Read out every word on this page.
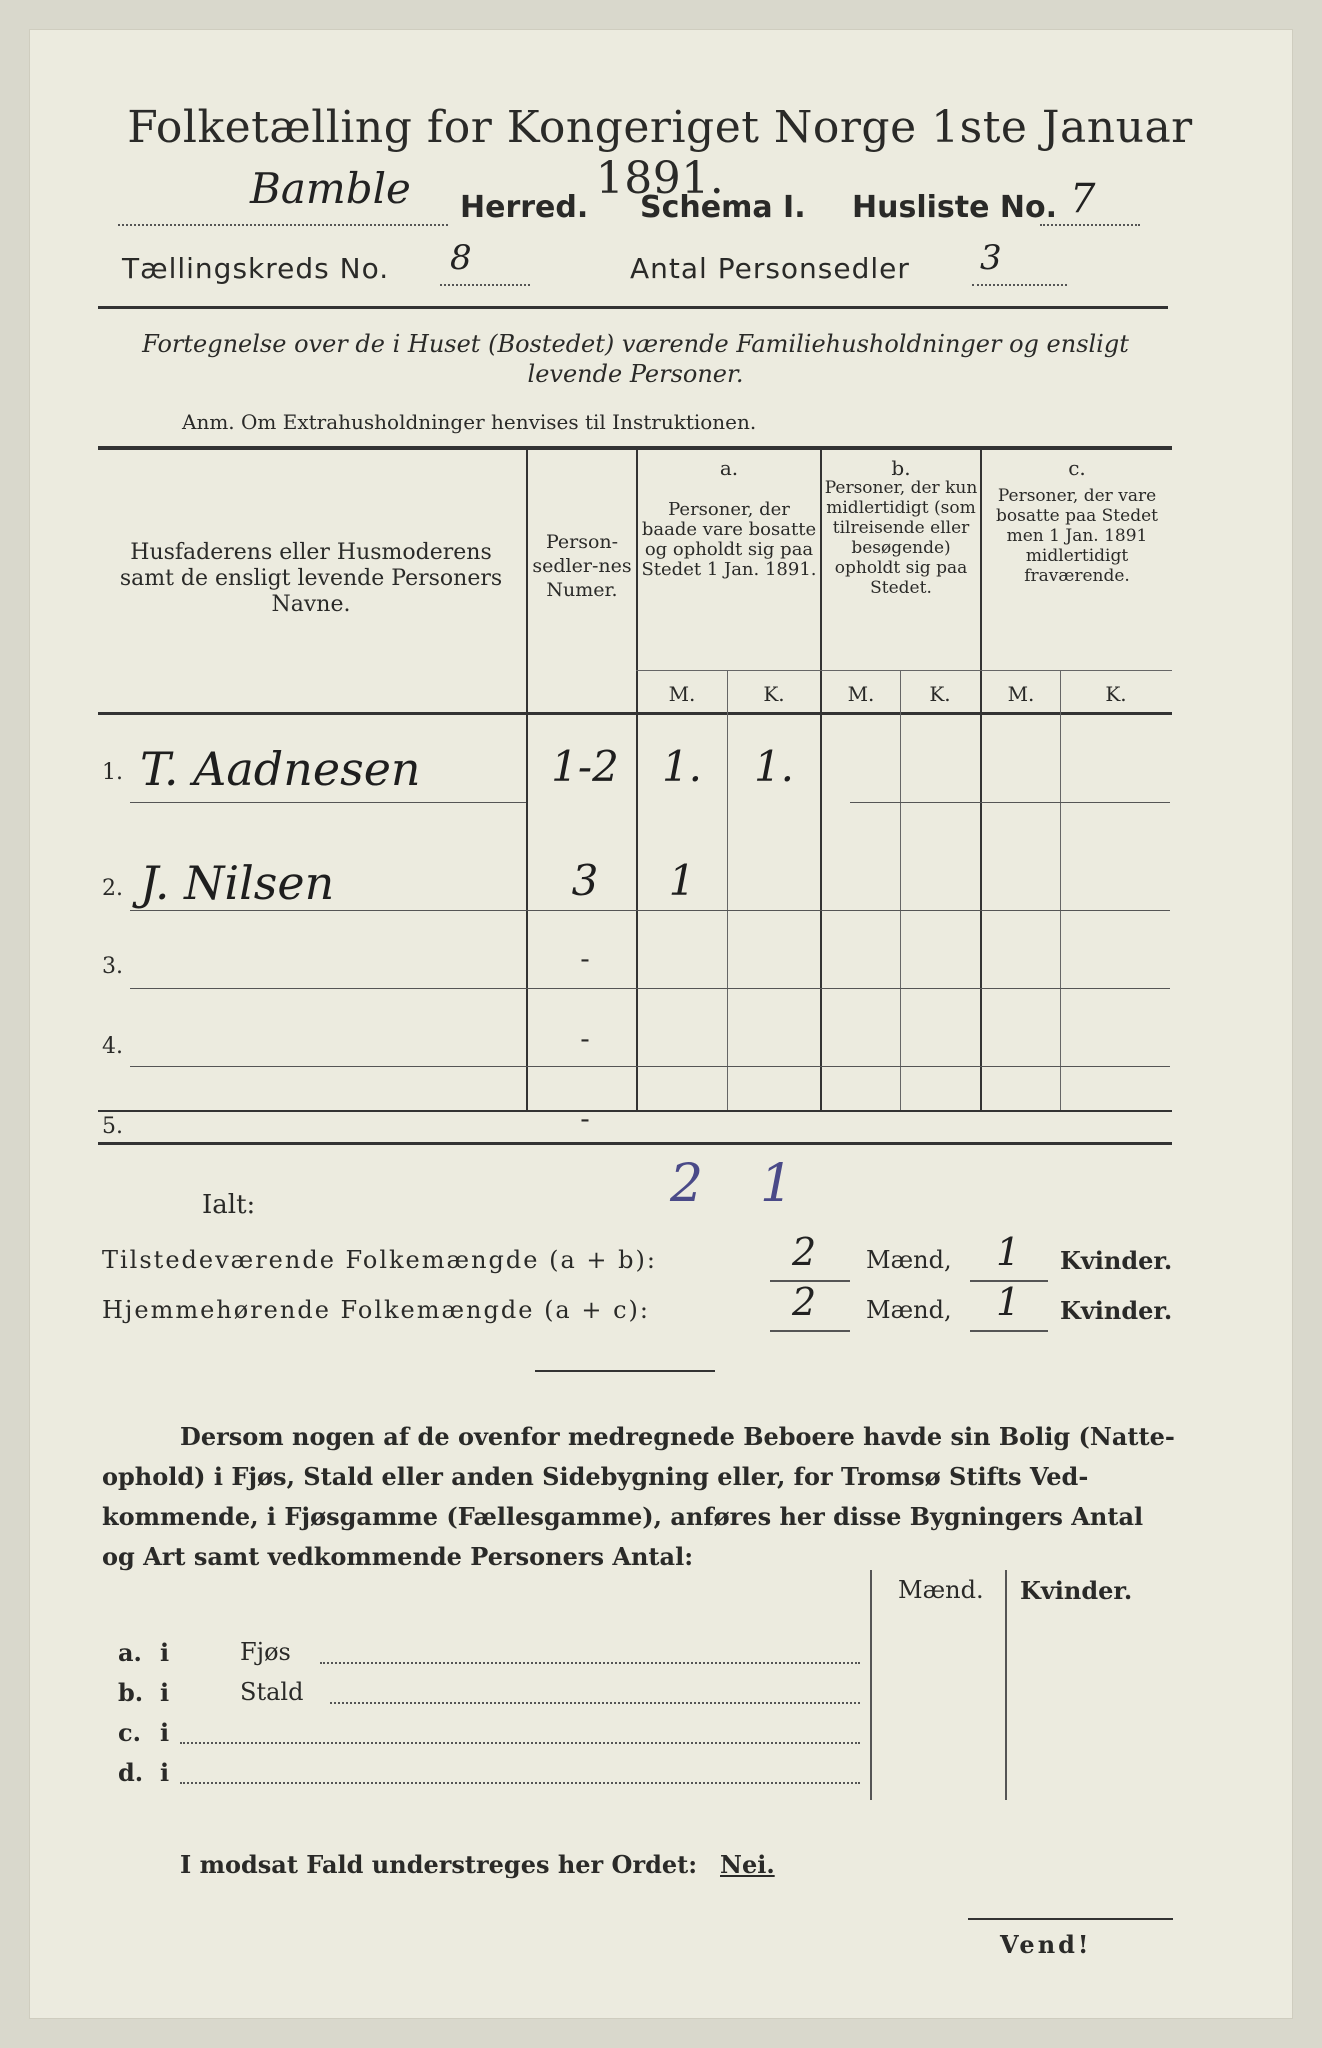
Folketælling for Kongeriget Norge 1ste Januar 1891.
Bamble Herred. Schema I. Husliste No. 7
Tællingskreds No. 8	Antal Personsedler 3
Fortegnelse over de i Huset (Bostedet) værende Familiehusholdninger og ensligt
levende Personer.
Anm. Om Extrahusholdninger henvises til Instruktionen.
Husfaderens eller Husmoderens samt de ensligt levende Personers Navne.
Person-sedler-nes Numer.
a.
Personer, der baade vare bosatte og opholdt sig paa Stedet 1 Jan. 1891.
b.
Personer, der kun midlertidigt (som tilreisende eller besøgende) opholdt sig paa Stedet.
c.
Personer, der vare bosatte paa Stedet men 1 Jan. 1891 midlertidigt fraværende.
M.	K.	M.	K.	M.	K.
1. T. Aadnesen	1-2	1.	1.
2. J. Nilsen	3	1
3.	-
4.	-
5.	-
Ialt:	2 1
Tilstedeværende Folkemængde (a + b):	2 Mænd, 1 Kvinder.
Hjemmehørende Folkemængde (a + c):	2 Mænd, 1 Kvinder.
Dersom nogen af de ovenfor medregnede Beboere havde sin Bolig (Natte-
ophold) i Fjøs, Stald eller anden Sidebygning eller, for Tromsø Stifts Ved-
kommende, i Fjøsgamme (Fællesgamme), anføres her disse Bygningers Antal
og Art samt vedkommende Personers Antal:
Mænd. Kvinder.
a. i	Fjøs
b. i	Stald
c. i
d. i
I modsat Fald understreges her Ordet: Nei.
Vend!
